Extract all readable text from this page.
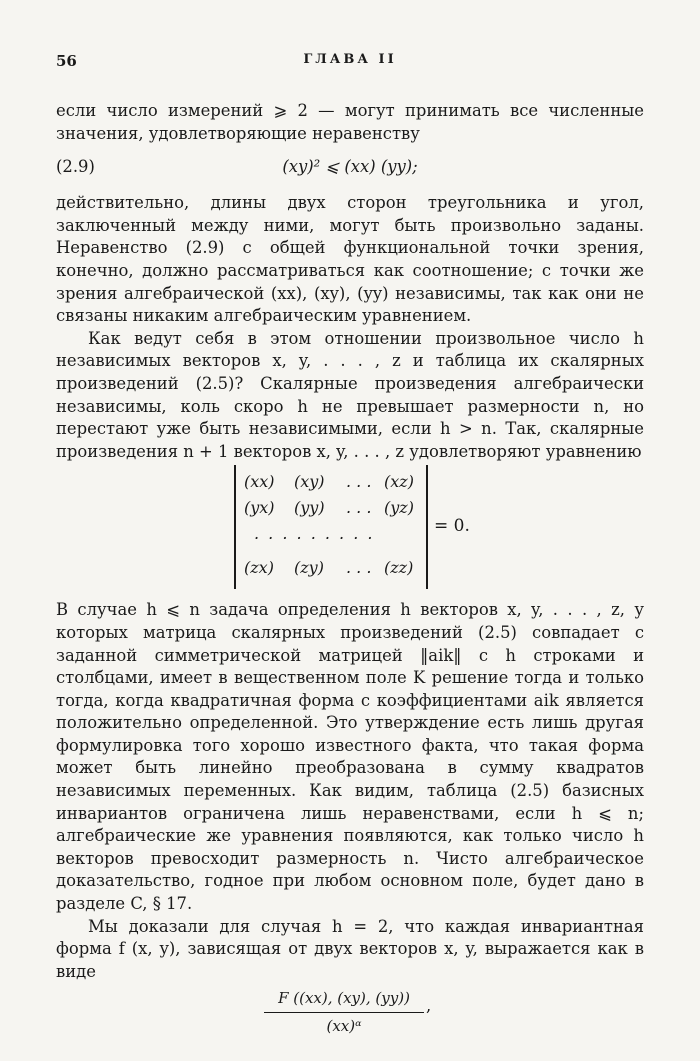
56	ГЛАВА II

если число измерений ⩾ 2 — могут принимать все численные значения, удовлетворяющие неравенству

(2.9)	(xy)² ⩽ (xx) (yy);

действительно, длины двух сторон треугольника и угол, заключенный между ними, могут быть произвольно заданы. Неравенство (2.9) с общей функциональной точки зрения, конечно, должно рассматриваться как соотношение; с точки же зрения алгебраической (xx), (xy), (yy) независимы, так как они не связаны никаким алгебраическим уравнением.

Как ведут себя в этом отношении произвольное число h независимых векторов x, y, . . . , z и таблица их скалярных произведений (2.5)? Скалярные произведения алгебраически независимы, коль скоро h не превышает размерности n, но перестают уже быть независимыми, если h > n. Так, скалярные произведения n + 1 векторов x, y, . . . , z удовлетворяют уравнению

(xx) (xy) . . . (xz)
(yx) (yy) . . . (yz)
. . . . . . . . .
(zx) (zy) . . . (zz)
= 0.

В случае h ⩽ n задача определения h векторов x, y, . . . , z, у которых матрица скалярных произведений (2.5) совпадает с заданной симметрической матрицей ‖aik‖ с h строками и столбцами, имеет в вещественном поле K решение тогда и только тогда, когда квадратичная форма с коэффициентами aik является положительно определенной. Это утверждение есть лишь другая формулировка того хорошо известного факта, что такая форма может быть линейно преобразована в сумму квадратов независимых переменных. Как видим, таблица (2.5) базисных инвариантов ограничена лишь неравенствами, если h ⩽ n; алгебраические же уравнения появляются, как только число h векторов превосходит размерность n. Чисто алгебраическое доказательство, годное при любом основном поле, будет дано в разделе C, § 17.

Мы доказали для случая h = 2, что каждая инвариантная форма f (x, y), зависящая от двух векторов x, y, выражается как в виде

$\frac{F ((xx), (xy), (yy))}{\text{(xx)ᵅ}}$ ,
